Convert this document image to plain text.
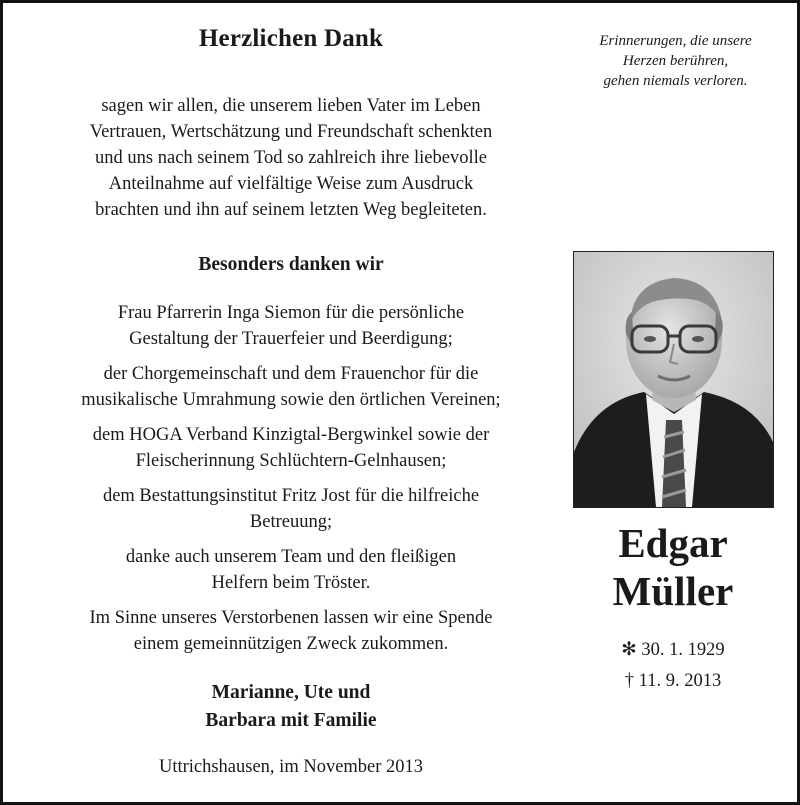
Herzlichen Dank
sagen wir allen, die unserem lieben Vater im Leben
Vertrauen, Wertschätzung und Freundschaft schenkten
und uns nach seinem Tod so zahlreich ihre liebevolle
Anteilnahme auf vielfältige Weise zum Ausdruck
brachten und ihn auf seinem letzten Weg begleiteten.
Besonders danken wir
Frau Pfarrerin Inga Siemon für die persönliche
Gestaltung der Trauerfeier und Beerdigung;
der Chorgemeinschaft und dem Frauenchor für die
musikalische Umrahmung sowie den örtlichen Vereinen;
dem HOGA Verband Kinzigtal-Bergwinkel sowie der
Fleischerinnung Schlüchtern-Gelnhausen;
dem Bestattungsinstitut Fritz Jost für die hilfreiche
Betreuung;
danke auch unserem Team und den fleißigen
Helfern beim Tröster.
Im Sinne unseres Verstorbenen lassen wir eine Spende
einem gemeinnützigen Zweck zukommen.
Marianne, Ute und
Barbara mit Familie
Uttrichshausen, im November 2013
Erinnerungen, die unsere
Herzen berühren,
gehen niemals verloren.
Edgar
Müller
✻ 30. 1. 1929
† 11. 9. 2013
